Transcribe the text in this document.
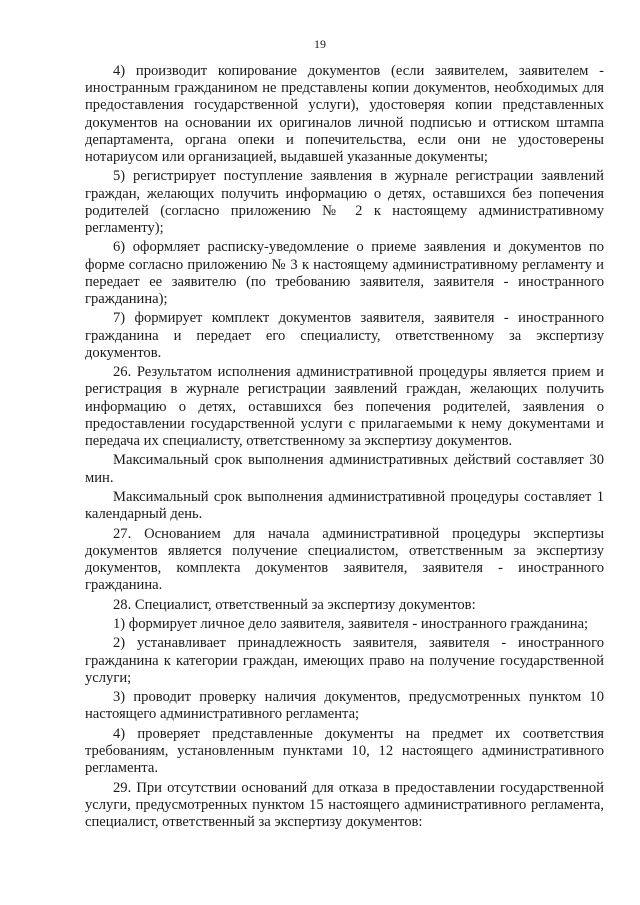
19

4) производит копирование документов (если заявителем, заявителем - иностранным гражданином не представлены копии документов, необходимых для предоставления государственной услуги), удостоверяя копии представленных документов на основании их оригиналов личной подписью и оттиском штампа департамента, органа опеки и попечительства, если они не удостоверены нотариусом или организацией, выдавшей указанные документы;

5) регистрирует поступление заявления в журнале регистрации заявлений граждан, желающих получить информацию о детях, оставшихся без попечения родителей (согласно приложению № 2 к настоящему административному регламенту);

6) оформляет расписку-уведомление о приеме заявления и документов по форме согласно приложению № 3 к настоящему административному регламенту и передает ее заявителю (по требованию заявителя, заявителя - иностранного гражданина);

7) формирует комплект документов заявителя, заявителя - иностранного гражданина и передает его специалисту, ответственному за экспертизу документов.

26. Результатом исполнения административной процедуры является прием и регистрация в журнале регистрации заявлений граждан, желающих получить информацию о детях, оставшихся без попечения родителей, заявления о предоставлении государственной услуги с прилагаемыми к нему документами и передача их специалисту, ответственному за экспертизу документов.

Максимальный срок выполнения административных действий составляет 30 мин.

Максимальный срок выполнения административной процедуры составляет 1 календарный день.

27. Основанием для начала административной процедуры экспертизы документов является получение специалистом, ответственным за экспертизу документов, комплекта документов заявителя, заявителя - иностранного гражданина.

28. Специалист, ответственный за экспертизу документов:

1) формирует личное дело заявителя, заявителя - иностранного гражданина;

2) устанавливает принадлежность заявителя, заявителя - иностранного гражданина к категории граждан, имеющих право на получение государственной услуги;

3) проводит проверку наличия документов, предусмотренных пунктом 10 настоящего административного регламента;

4) проверяет представленные документы на предмет их соответствия требованиям, установленным пунктами 10, 12 настоящего административного регламента.

29. При отсутствии оснований для отказа в предоставлении государственной услуги, предусмотренных пунктом 15 настоящего административного регламента, специалист, ответственный за экспертизу документов:
